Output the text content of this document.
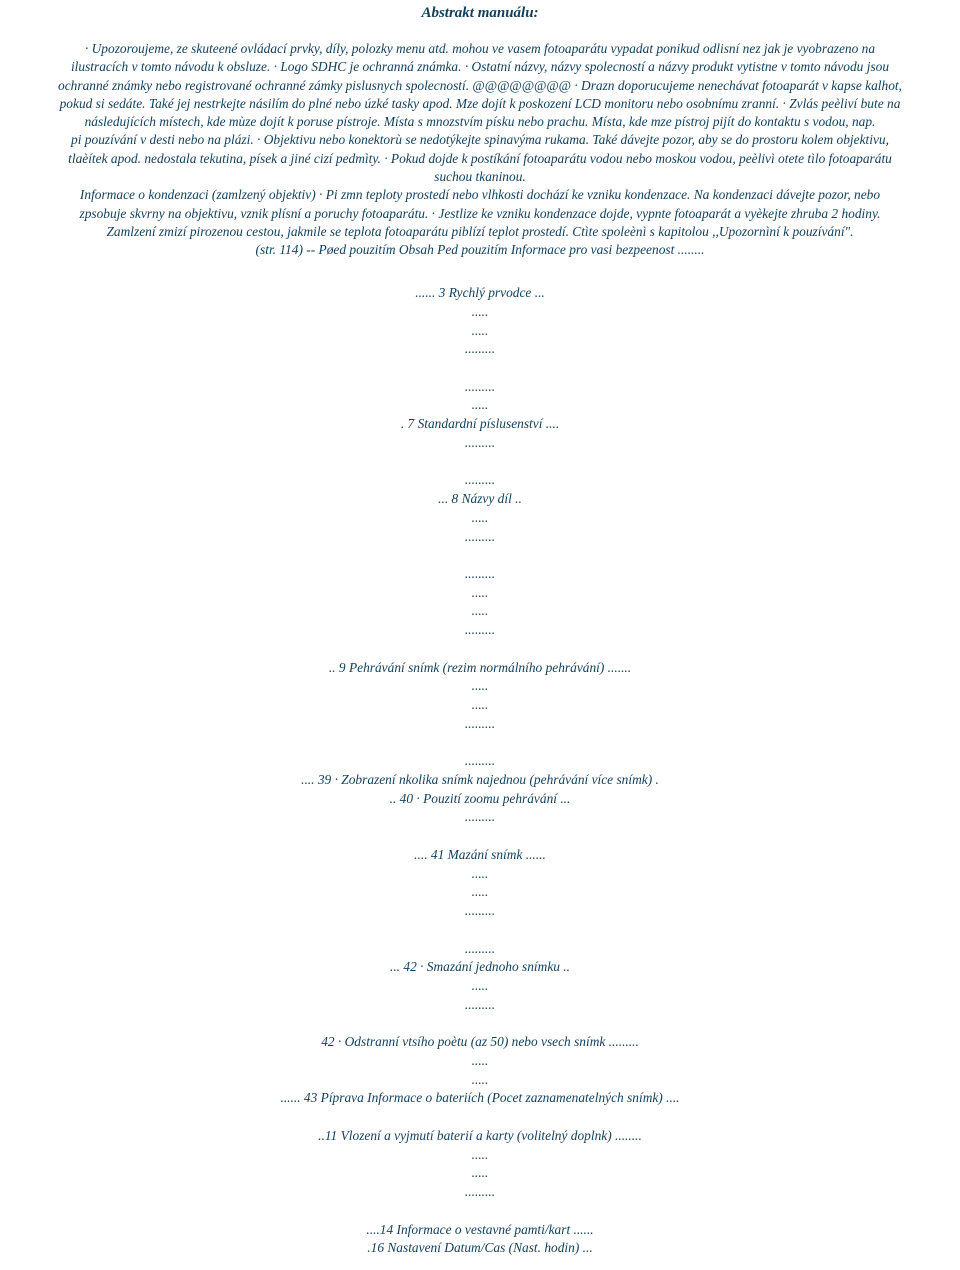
Abstrakt manuálu:
· Upozoroujeme, ze skuteené ovládací prvky, díly, polozky menu atd. mohou ve vasem fotoaparátu vypadat ponikud odlisní nez jak je vyobrazeno na
ilustracích v tomto návodu k obsluze. · Logo SDHC je ochranná známka. · Ostatní názvy, názvy spolecností a názvy produkt vytistne v tomto návodu jsou
ochranné známky nebo registrované ochranné zámky pislusnych spolecností. @@@@@@@@ · Drazn doporucujeme nenechávat fotoaparát v kapse kalhot,
pokud si sedáte. Také jej nestrkejte násilím do plné nebo úzké tasky apod. Mze dojít k poskození LCD monitoru nebo osobnímu zranní. · Zvlás peèliví bute na
následujících místech, kde mùze dojít k poruse pístroje. Místa s mnozstvím písku nebo prachu. Místa, kde mze pístroj pijít do kontaktu s vodou, nap.
pi pouzívání v desti nebo na plázi. · Objektivu nebo konektorù se nedotýkejte spinavýma rukama. Také dávejte pozor, aby se do prostoru kolem objektivu,
tlaèítek apod. nedostala tekutina, písek a jiné cizí pedmìty. · Pokud dojde k postíkání fotoaparátu vodou nebo moskou vodou, peèlivì otete tìlo fotoaparátu
suchou tkaninou.
Informace o kondenzaci (zamlzený objektiv) · Pi zmn teploty prostedí nebo vlhkosti dochází ke vzniku kondenzace. Na kondenzaci dávejte pozor, nebo
zpsobuje skvrny na objektivu, vznik plísní a poruchy fotoaparátu. · Jestlize ke vzniku kondenzace dojde, vypnte fotoaparát a vyèkejte zhruba 2 hodiny.
Zamlzení zmizí pirozenou cestou, jakmile se teplota fotoaparátu piblízí teplot prostedí. Ctìte spoleènì s kapitolou ,,Upozornìní k pouzívání".
(str. 114) -- Pøed pouzitím Obsah Ped pouzitím Informace pro vasi bezpeenost ........
...... 3 Rychlý prvodce ...
.....
.....
.........
.........
.....
. 7 Standardní píslusenství ....
.........
.........
... 8 Názvy díl ..
.....
.........
.........
.....
.....
.........
.. 9 Pehrávání snímk (rezim normálního pehrávání) .......
.....
.....
.........
.........
.... 39 · Zobrazení nkolika snímk najednou (pehrávání více snímk) .
.. 40 · Pouzití zoomu pehrávání ...
.........
.... 41 Mazání snímk ......
.....
.....
.........
.........
... 42 · Smazání jednoho snímku ..
.....
.........
42 · Odstranní vtsího poètu (az 50) nebo vsech snímk .........
.....
.....
...... 43 Píprava Informace o bateriích (Pocet zaznamenatelných snímk) ....
..11 Vlození a vyjmutí baterií a karty (volitelný doplnk) ........
.....
.....
.........
....14 Informace o vestavné pamti/kart ......
.16 Nastavení Datum/Cas (Nast. hodin) ...
